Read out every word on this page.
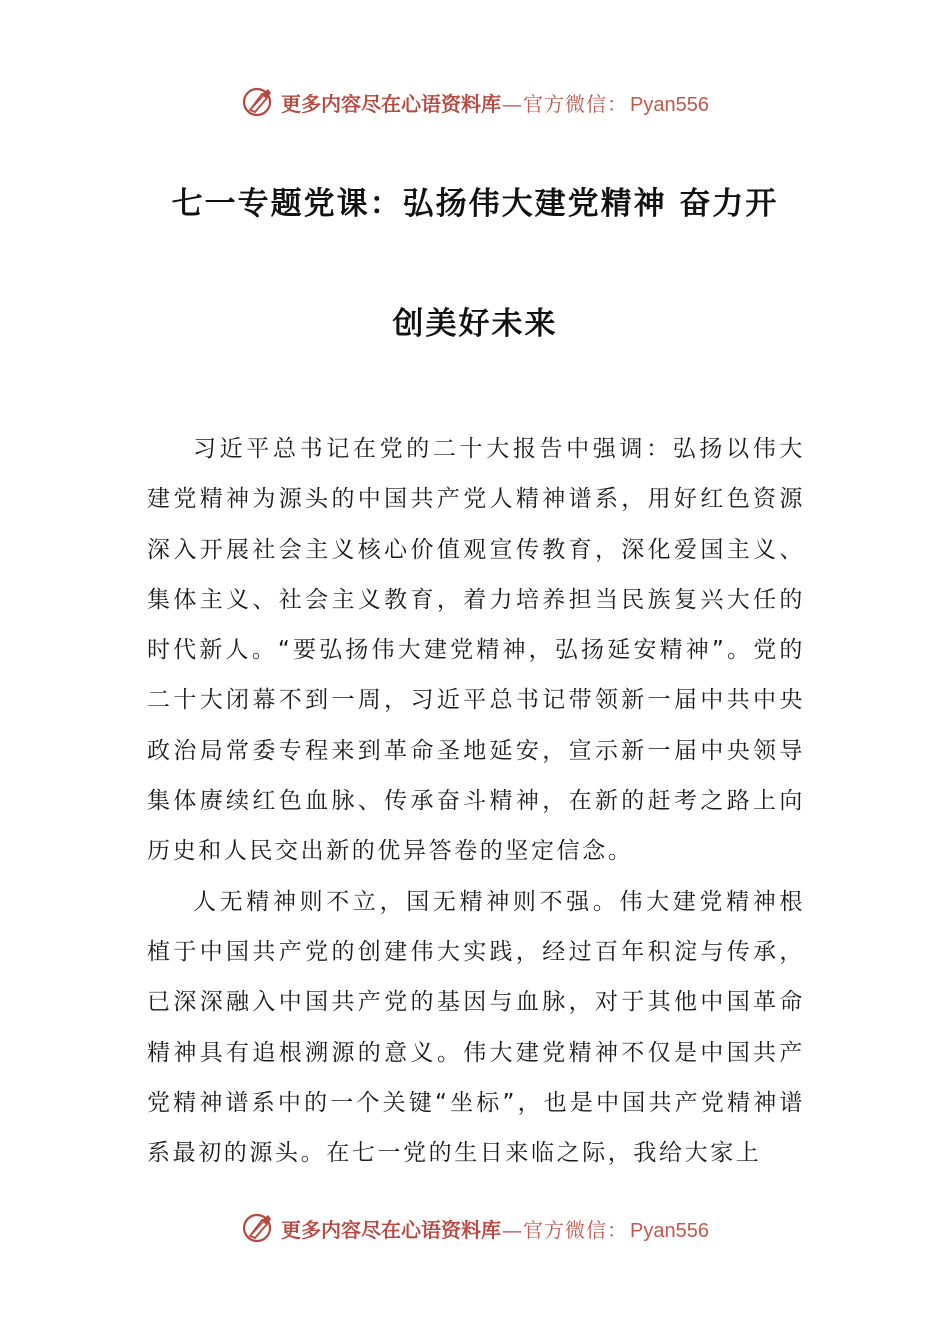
更多内容尽在心语资料库 — 官方微信： Pyan556
七一专题党课：弘扬伟大建党精神 奋力开
创美好未来

习近平总书记在党的二十大报告中强调：弘扬以伟大建党精神为源头的中国共产党人精神谱系，用好红色资源深入开展社会主义核心价值观宣传教育，深化爱国主义、集体主义、社会主义教育，着力培养担当民族复兴大任的时代新人。“要弘扬伟大建党精神，弘扬延安精神”。党的二十大闭幕不到一周，习近平总书记带领新一届中共中央政治局常委专程来到革命圣地延安，宣示新一届中央领导集体赓续红色血脉、传承奋斗精神，在新的赶考之路上向历史和人民交出新的优异答卷的坚定信念。

人无精神则不立，国无精神则不强。伟大建党精神根植于中国共产党的创建伟大实践，经过百年积淀与传承，已深深融入中国共产党的基因与血脉，对于其他中国革命精神具有追根溯源的意义。伟大建党精神不仅是中国共产党精神谱系中的一个关键“坐标”，也是中国共产党精神谱系最初的源头。在七一党的生日来临之际，我给大家上

更多内容尽在心语资料库 — 官方微信： Pyan556
